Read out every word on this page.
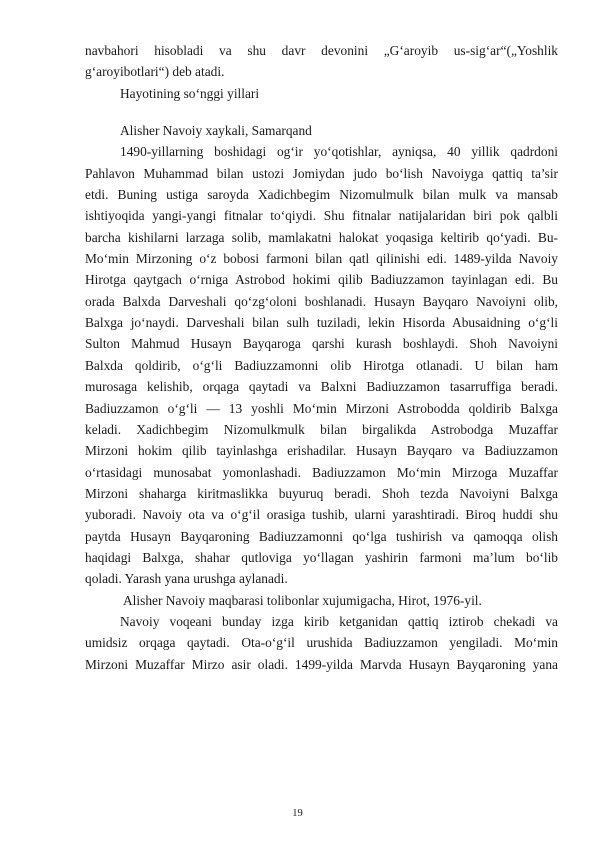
navbahori hisobladi va shu davr devonini „G‘aroyib us-sig‘ar“(„Yoshlik
g‘aroyibotlari“) deb atadi.
Hayotining so‘nggi yillari
Alisher Navoiy xaykali, Samarqand
1490-yillarning boshidagi og‘ir yo‘qotishlar, ayniqsa, 40 yillik qadrdoni
Pahlavon Muhammad bilan ustozi Jomiydan judo bo‘lish Navoiyga qattiq ta’sir
etdi. Buning ustiga saroyda Xadichbegim Nizomulmulk bilan mulk va mansab
ishtiyoqida yangi-yangi fitnalar to‘qiydi. Shu fitnalar natijalaridan biri pok qalbli
barcha kishilarni larzaga solib, mamlakatni halokat yoqasiga keltirib qo‘yadi. Bu-
Mo‘min Mirzoning o‘z bobosi farmoni bilan qatl qilinishi edi. 1489-yilda Navoiy
Hirotga qaytgach o‘rniga Astrobod hokimi qilib Badiuzzamon tayinlagan edi. Bu
orada Balxda Darveshali qo‘zg‘oloni boshlanadi. Husayn Bayqaro Navoiyni olib,
Balxga jo‘naydi. Darveshali bilan sulh tuziladi, lekin Hisorda Abusaidning o‘g‘li
Sulton Mahmud Husayn Bayqaroga qarshi kurash boshlaydi. Shoh Navoiyni
Balxda qoldirib, o‘g‘li Badiuzzamonni olib Hirotga otlanadi. U bilan ham
murosaga kelishib, orqaga qaytadi va Balxni Badiuzzamon tasarruffiga beradi.
Badiuzzamon o‘g‘li — 13 yoshli Mo‘min Mirzoni Astrobodda qoldirib Balxga
keladi. Xadichbegim Nizomulkmulk bilan birgalikda Astrobodga Muzaffar
Mirzoni hokim qilib tayinlashga erishadilar. Husayn Bayqaro va Badiuzzamon
o‘rtasidagi munosabat yomonlashadi. Badiuzzamon Mo‘min Mirzoga Muzaffar
Mirzoni shaharga kiritmaslikka buyuruq beradi. Shoh tezda Navoiyni Balxga
yuboradi. Navoiy ota va o‘g‘il orasiga tushib, ularni yarashtiradi. Biroq huddi shu
paytda Husayn Bayqaroning Badiuzzamonni qo‘lga tushirish va qamoqqa olish
haqidagi Balxga, shahar qutloviga yo‘llagan yashirin farmoni ma’lum bo‘lib
qoladi. Yarash yana urushga aylanadi.
Alisher Navoiy maqbarasi tolibonlar xujumigacha, Hirot, 1976-yil.
Navoiy voqeani bunday izga kirib ketganidan qattiq iztirob chekadi va
umidsiz orqaga qaytadi. Ota-o‘g‘il urushida Badiuzzamon yengiladi. Mo‘min
Mirzoni Muzaffar Mirzo asir oladi. 1499-yilda Marvda Husayn Bayqaroning yana
19
